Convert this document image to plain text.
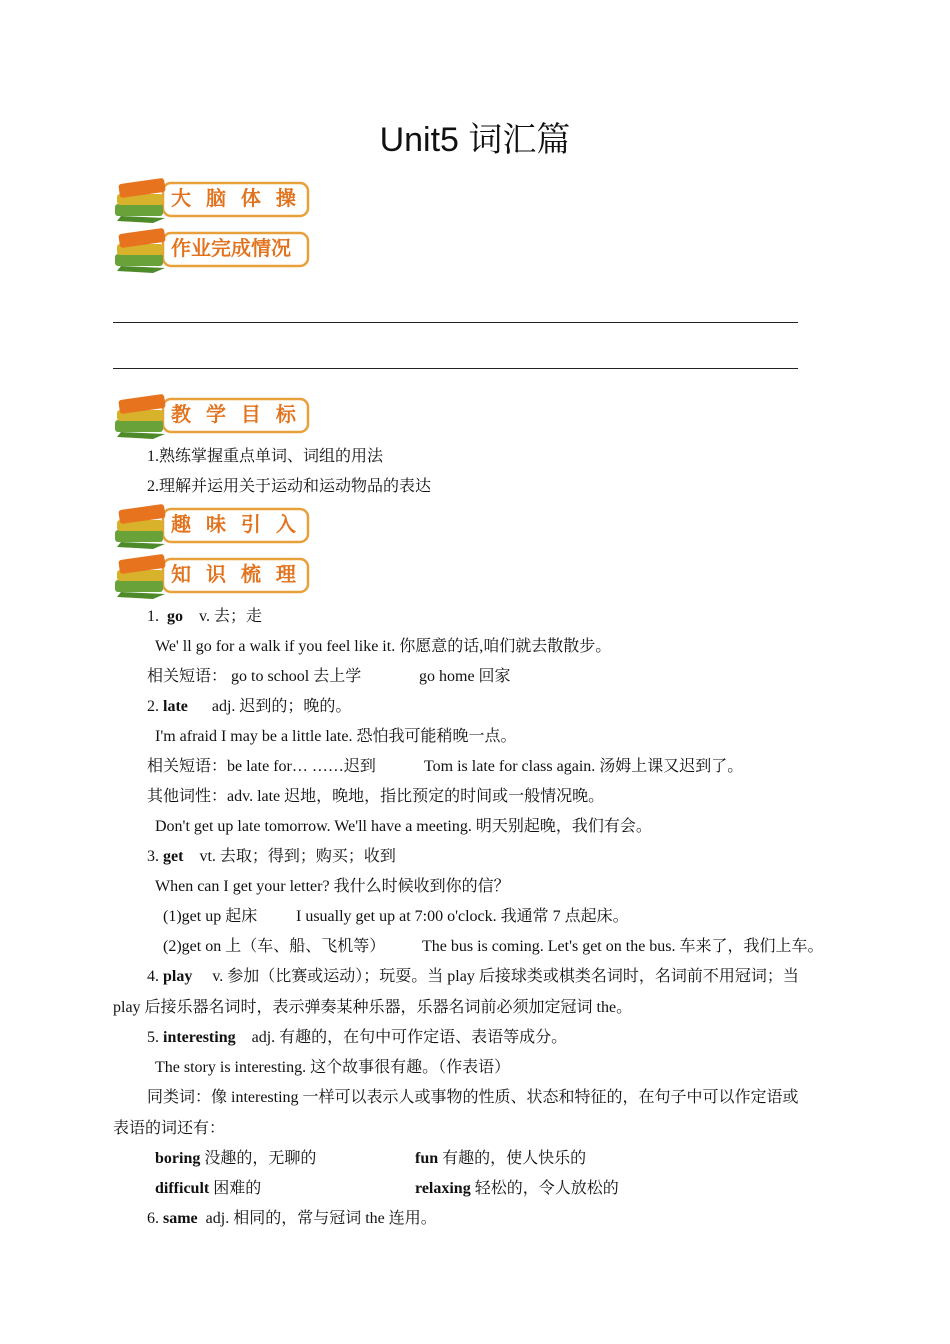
Unit5 词汇篇
大 脑 体 操
作业完成情况
教 学 目 标
1.熟练掌握重点单词、词组的用法
2.理解并运用关于运动和运动物品的表达
趣 味 引 入
知 识 梳 理
1. go v. 去；走
We' ll go for a walk if you feel like it. 你愿意的话,咱们就去散散步。
相关短语： go to school 去上学	go home 回家
2. late adj. 迟到的；晚的。
I'm afraid I may be a little late. 恐怕我可能稍晚一点。
相关短语：be late for… ……迟到	Tom is late for class again. 汤姆上课又迟到了。
其他词性：adv. late 迟地，晚地，指比预定的时间或一般情况晚。
Don't get up late tomorrow. We'll have a meeting. 明天别起晚，我们有会。
3. get vt. 去取；得到；购买；收到
When can I get your letter? 我什么时候收到你的信？
(1)get up 起床 I usually get up at 7:00 o'clock. 我通常 7 点起床。
(2)get on 上（车、船、飞机等） The bus is coming. Let's get on the bus. 车来了，我们上车。
4. play v. 参加（比赛或运动）；玩耍。当 play 后接球类或棋类名词时，名词前不用冠词；当
play 后接乐器名词时，表示弹奏某种乐器，乐器名词前必须加定冠词 the。
5. interesting adj. 有趣的，在句中可作定语、表语等成分。
The story is interesting. 这个故事很有趣。（作表语）
同类词：像 interesting 一样可以表示人或事物的性质、状态和特征的，在句子中可以作定语或
表语的词还有：
boring 没趣的，无聊的	fun 有趣的，使人快乐的
difficult 困难的	relaxing 轻松的，令人放松的
6. same adj. 相同的，常与冠词 the 连用。
